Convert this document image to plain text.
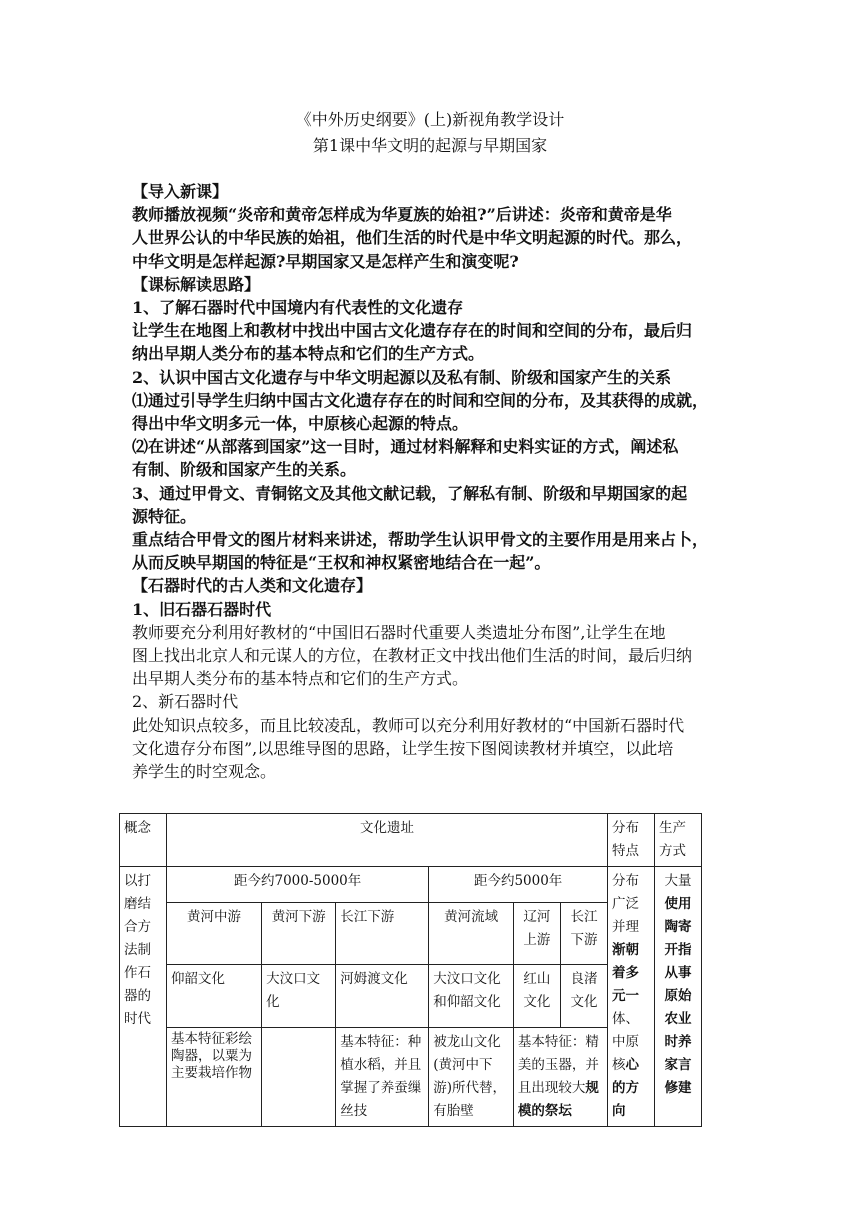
《中外历史纲要》(上)新视角教学设计
第1课中华文明的起源与早期国家
【导入新课】
教师播放视频“炎帝和黄帝怎样成为华夏族的始祖?”后讲述：炎帝和黄帝是华
人世界公认的中华民族的始祖，他们生活的时代是中华文明起源的时代。那么，
中华文明是怎样起源?早期国家又是怎样产生和演变呢?
【课标解读思路】
1、了解石器时代中国境内有代表性的文化遗存
让学生在地图上和教材中找出中国古文化遗存存在的时间和空间的分布，最后归
纳出早期人类分布的基本特点和它们的生产方式。
2、认识中国古文化遗存与中华文明起源以及私有制、阶级和国家产生的关系
⑴通过引导学生归纳中国古文化遗存存在的时间和空间的分布，及其获得的成就，
得出中华文明多元一体，中原核心起源的特点。
⑵在讲述“从部落到国家”这一目时，通过材料解释和史料实证的方式，阐述私
有制、阶级和国家产生的关系。
3、通过甲骨文、青铜铭文及其他文献记载，了解私有制、阶级和早期国家的起
源特征。
重点结合甲骨文的图片材料来讲述，帮助学生认识甲骨文的主要作用是用来占卜，
从而反映早期国的特征是“王权和神权紧密地结合在一起”。
【石器时代的古人类和文化遗存】
1、旧石器石器时代
教师要充分利用好教材的“中国旧石器时代重要人类遗址分布图”,让学生在地
图上找出北京人和元谋人的方位，在教材正文中找出他们生活的时间，最后归纳
出早期人类分布的基本特点和它们的生产方式。
2、新石器时代
此处知识点较多，而且比较凌乱，教师可以充分利用好教材的“中国新石器时代
文化遗存分布图”,以思维导图的思路，让学生按下图阅读教材并填空，以此培
养学生的时空观念。
概念	文化遗址						分布特点	生产方式
以打磨结合方法制作石器的时代	距今约7000-5000年			距今约5000年			分布广泛并理渐朝着多元一体、中原核心的方向	大量使用陶寄开指从事原始农业时养家言修建
	黄河中游	黄河下游	长江下游	黄河流域	辽河上游	长江下游		
	仰韶文化	大汶口文化	河姆渡文化	大汶口文化和仰韶文化	红山文化	良渚文化		
	基本特征彩绘陶器，以粟为主要栽培作物		基本特征：种植水稻，并且掌握了养蚕缫丝技	被龙山文化(黄河中下游)所代替，有胎壁	基本特征：精美的玉器，并且出现较大规模的祭坛			
